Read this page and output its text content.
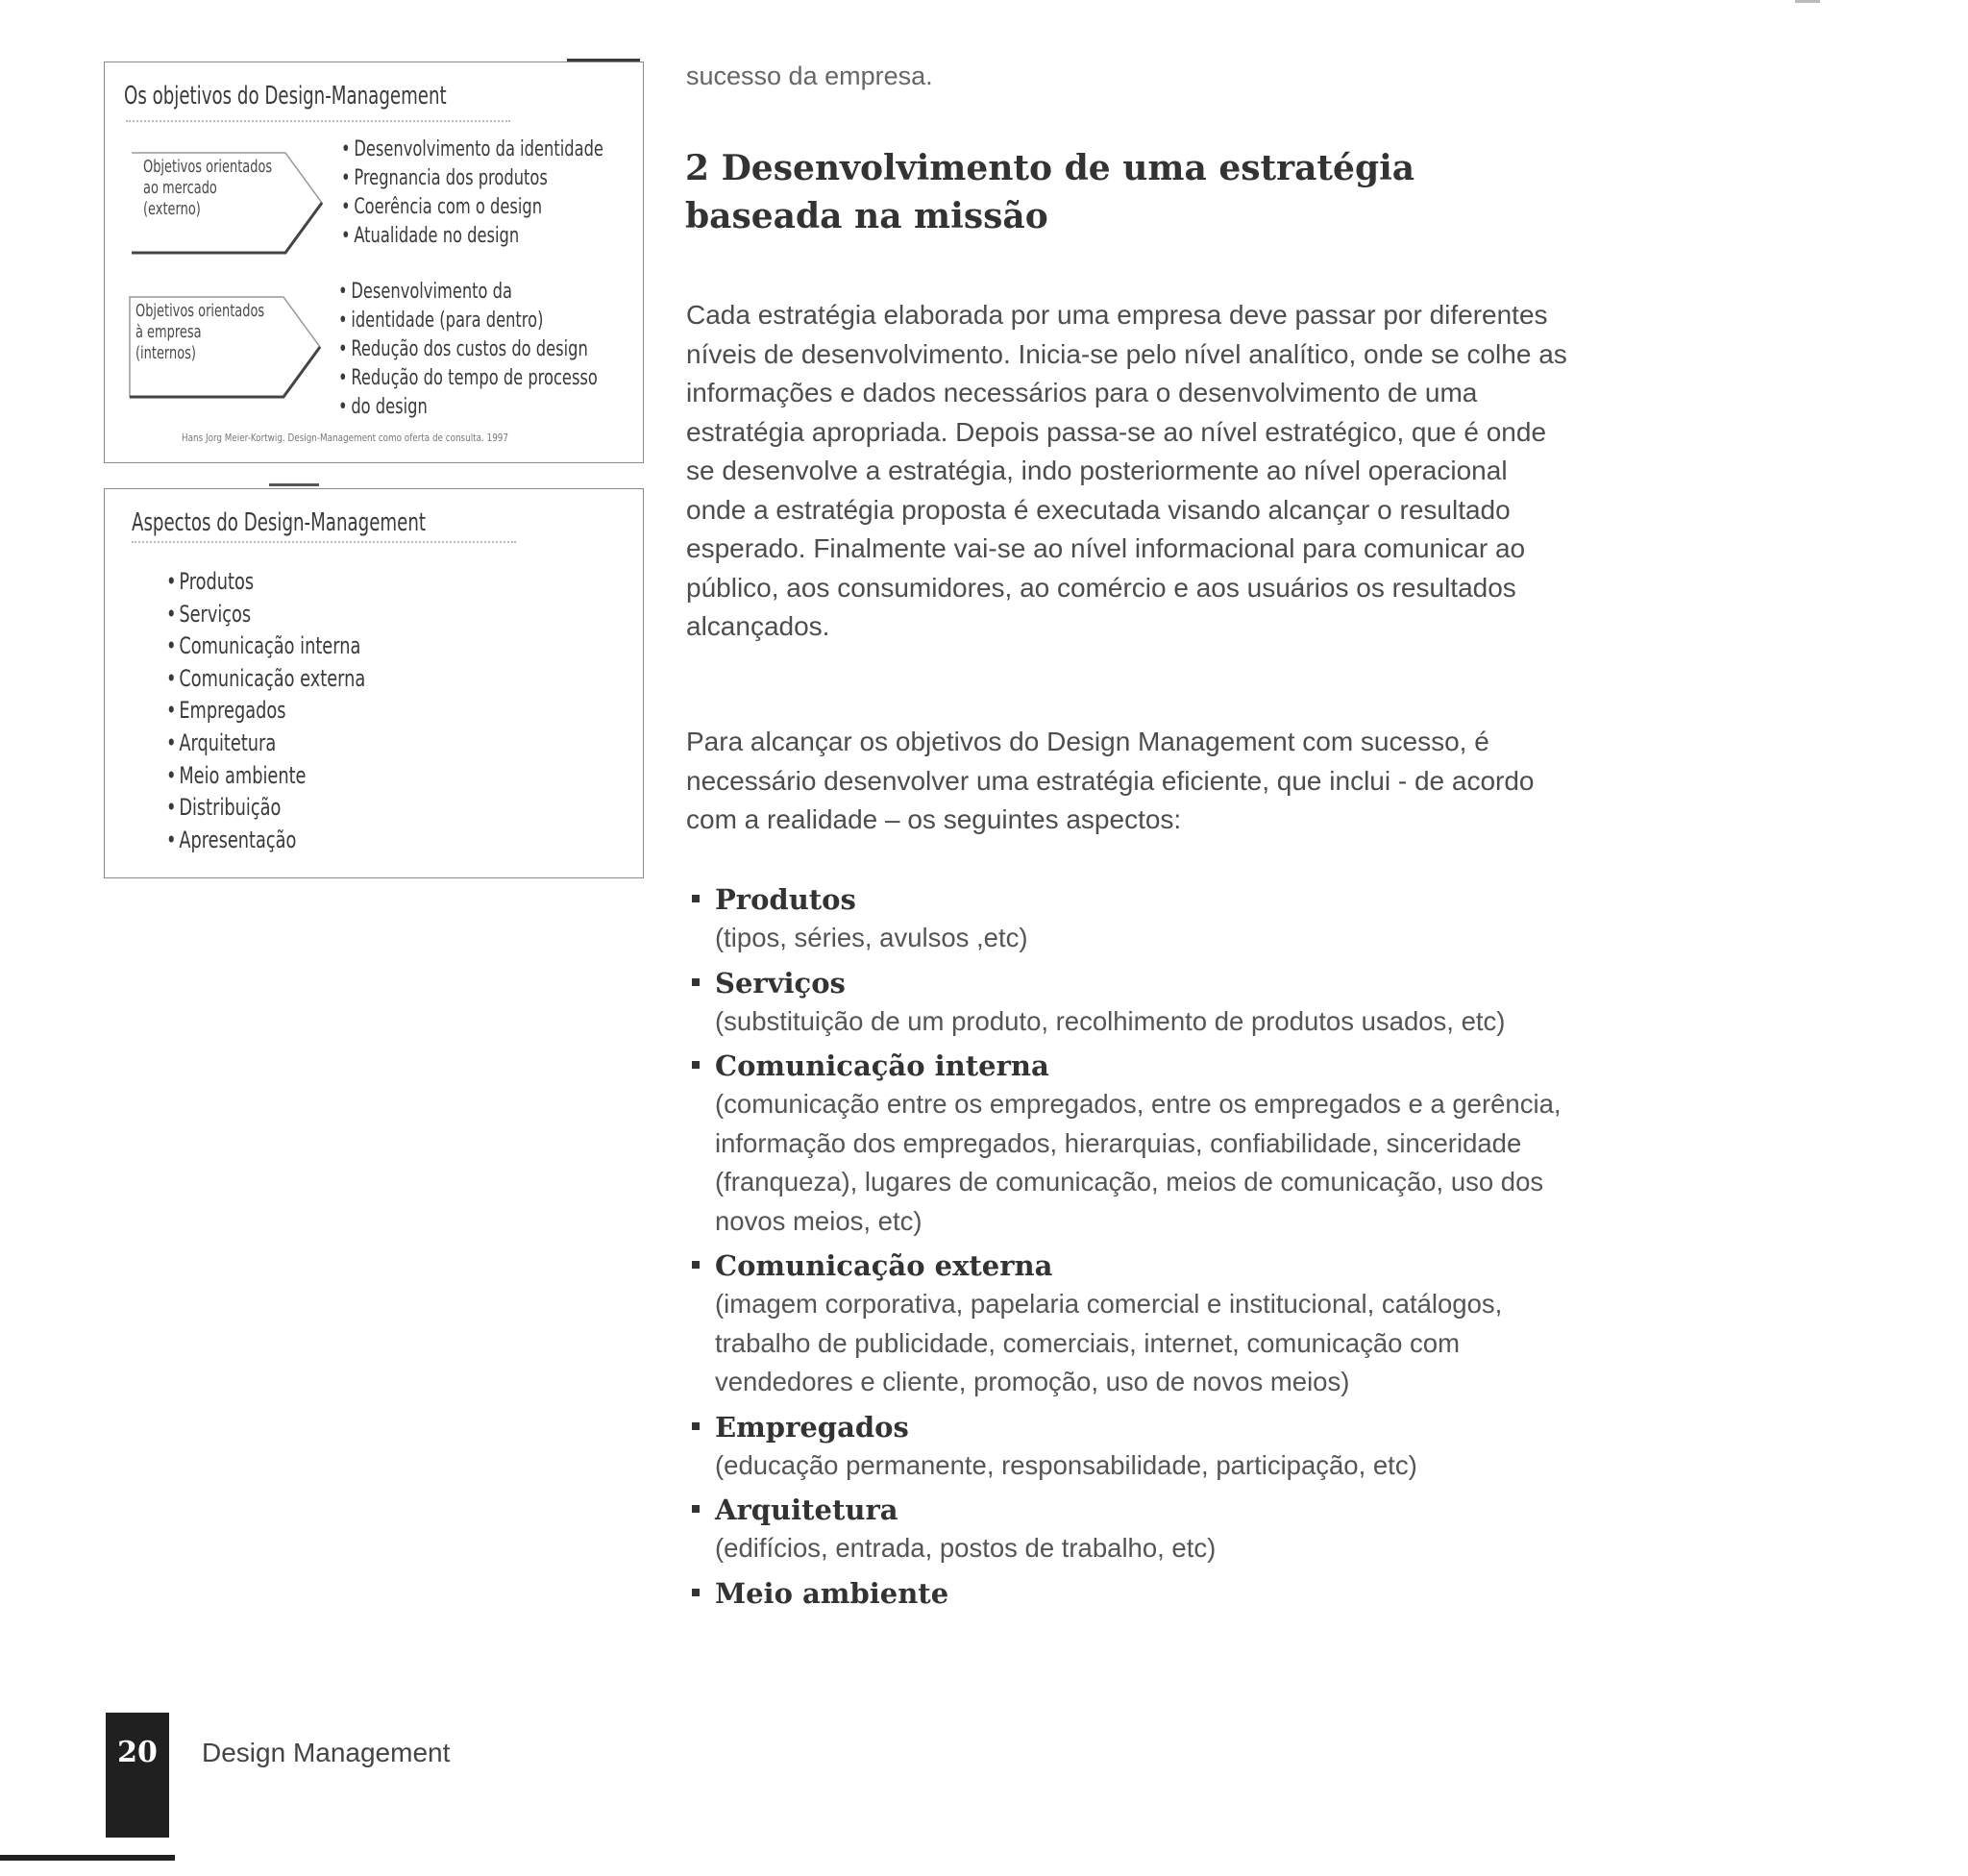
Os objetivos do Design-Management
Objetivos orientados
ao mercado
(externo)
• Desenvolvimento da identidade
• Pregnancia dos produtos
• Coerência com o design
• Atualidade no design
Objetivos orientados
à empresa
(internos)
• Desenvolvimento da
• identidade (para dentro)
• Redução dos custos do design
• Redução do tempo de processo
• do design
Hans Jorg Meier-Kortwig. Design-Management como oferta de consulta. 1997
Aspectos do Design-Management
• Produtos
• Serviços
• Comunicação interna
• Comunicação externa
• Empregados
• Arquitetura
• Meio ambiente
• Distribuição
• Apresentação
sucesso da empresa.
2 Desenvolvimento de uma estratégia baseada na missão

Cada estratégia elaborada por uma empresa deve passar por diferentes níveis de desenvolvimento. Inicia-se pelo nível analítico, onde se colhe as informações e dados necessários para o desenvolvimento de uma estratégia apropriada. Depois passa-se ao nível estratégico, que é onde se desenvolve a estratégia, indo posteriormente ao nível operacional onde a estratégia proposta é executada visando alcançar o resultado esperado. Finalmente vai-se ao nível informacional para comunicar ao público, aos consumidores, ao comércio e aos usuários os resultados alcançados.

Para alcançar os objetivos do Design Management com sucesso, é necessário desenvolver uma estratégia eficiente, que inclui - de acordo com a realidade – os seguintes aspectos:

Produtos
(tipos, séries, avulsos ,etc)
Serviços
(substituição de um produto, recolhimento de produtos usados, etc)
Comunicação interna
(comunicação entre os empregados, entre os empregados e a gerência, informação dos empregados, hierarquias, confiabilidade, sinceridade (franqueza), lugares de comunicação, meios de comunicação, uso dos novos meios, etc)
Comunicação externa
(imagem corporativa, papelaria comercial e institucional, catálogos, trabalho de publicidade, comerciais, internet, comunicação com vendedores e cliente, promoção, uso de novos meios)
Empregados
(educação permanente, responsabilidade, participação, etc)
Arquitetura
(edifícios, entrada, postos de trabalho, etc)
Meio ambiente
20	Design Management
